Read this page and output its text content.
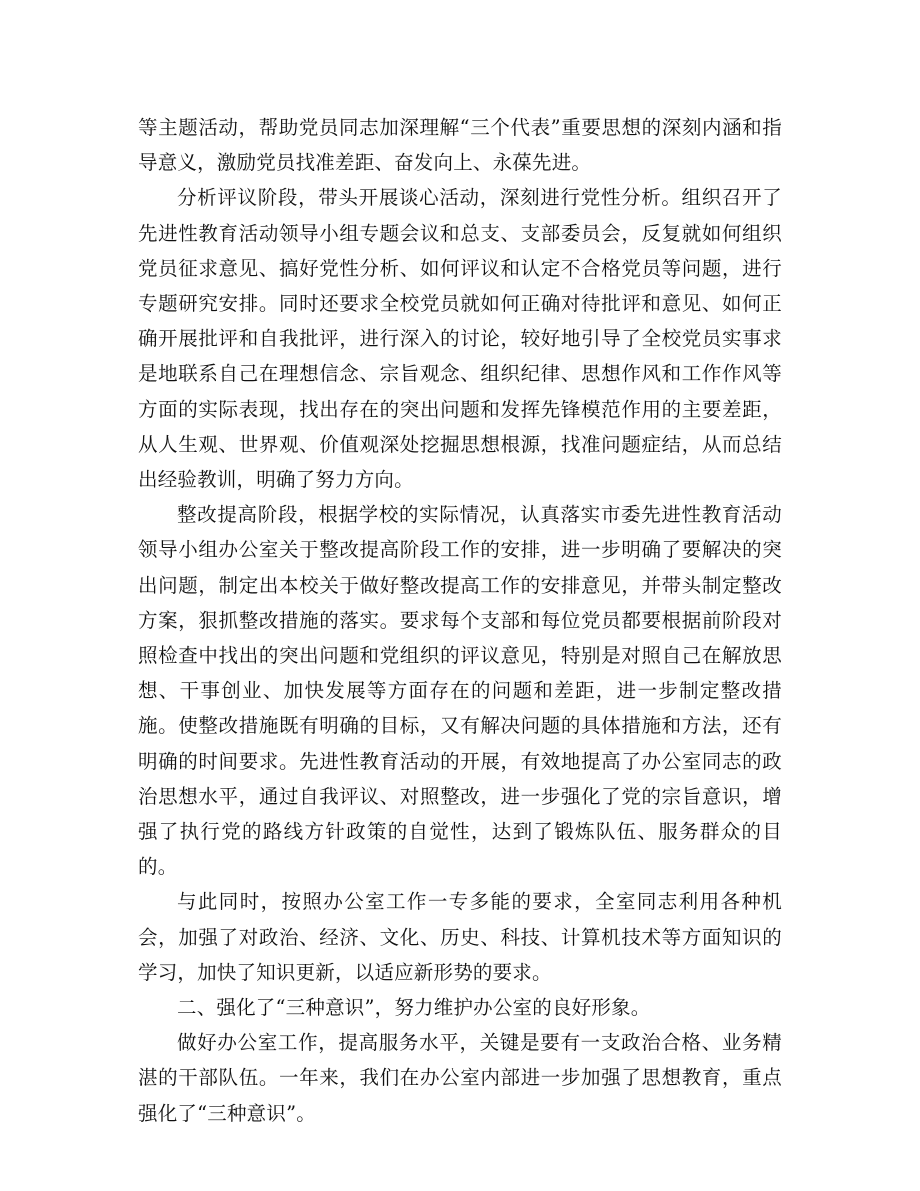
等主题活动，帮助党员同志加深理解“三个代表”重要思想的深刻内涵和指导意义，激励党员找准差距、奋发向上、永葆先进。

分析评议阶段，带头开展谈心活动，深刻进行党性分析。组织召开了先进性教育活动领导小组专题会议和总支、支部委员会，反复就如何组织党员征求意见、搞好党性分析、如何评议和认定不合格党员等问题，进行专题研究安排。同时还要求全校党员就如何正确对待批评和意见、如何正确开展批评和自我批评，进行深入的讨论，较好地引导了全校党员实事求是地联系自己在理想信念、宗旨观念、组织纪律、思想作风和工作作风等方面的实际表现，找出存在的突出问题和发挥先锋模范作用的主要差距，从人生观、世界观、价值观深处挖掘思想根源，找准问题症结，从而总结出经验教训，明确了努力方向。

整改提高阶段，根据学校的实际情况，认真落实市委先进性教育活动领导小组办公室关于整改提高阶段工作的安排，进一步明确了要解决的突出问题，制定出本校关于做好整改提高工作的安排意见，并带头制定整改方案，狠抓整改措施的落实。要求每个支部和每位党员都要根据前阶段对照检查中找出的突出问题和党组织的评议意见，特别是对照自己在解放思想、干事创业、加快发展等方面存在的问题和差距，进一步制定整改措施。使整改措施既有明确的目标，又有解决问题的具体措施和方法，还有明确的时间要求。先进性教育活动的开展，有效地提高了办公室同志的政治思想水平，通过自我评议、对照整改，进一步强化了党的宗旨意识，增强了执行党的路线方针政策的自觉性，达到了锻炼队伍、服务群众的目的。

与此同时，按照办公室工作一专多能的要求，全室同志利用各种机会，加强了对政治、经济、文化、历史、科技、计算机技术等方面知识的学习，加快了知识更新，以适应新形势的要求。

二、强化了“三种意识”，努力维护办公室的良好形象。

做好办公室工作，提高服务水平，关键是要有一支政治合格、业务精湛的干部队伍。一年来，我们在办公室内部进一步加强了思想教育，重点强化了“三种意识”。
